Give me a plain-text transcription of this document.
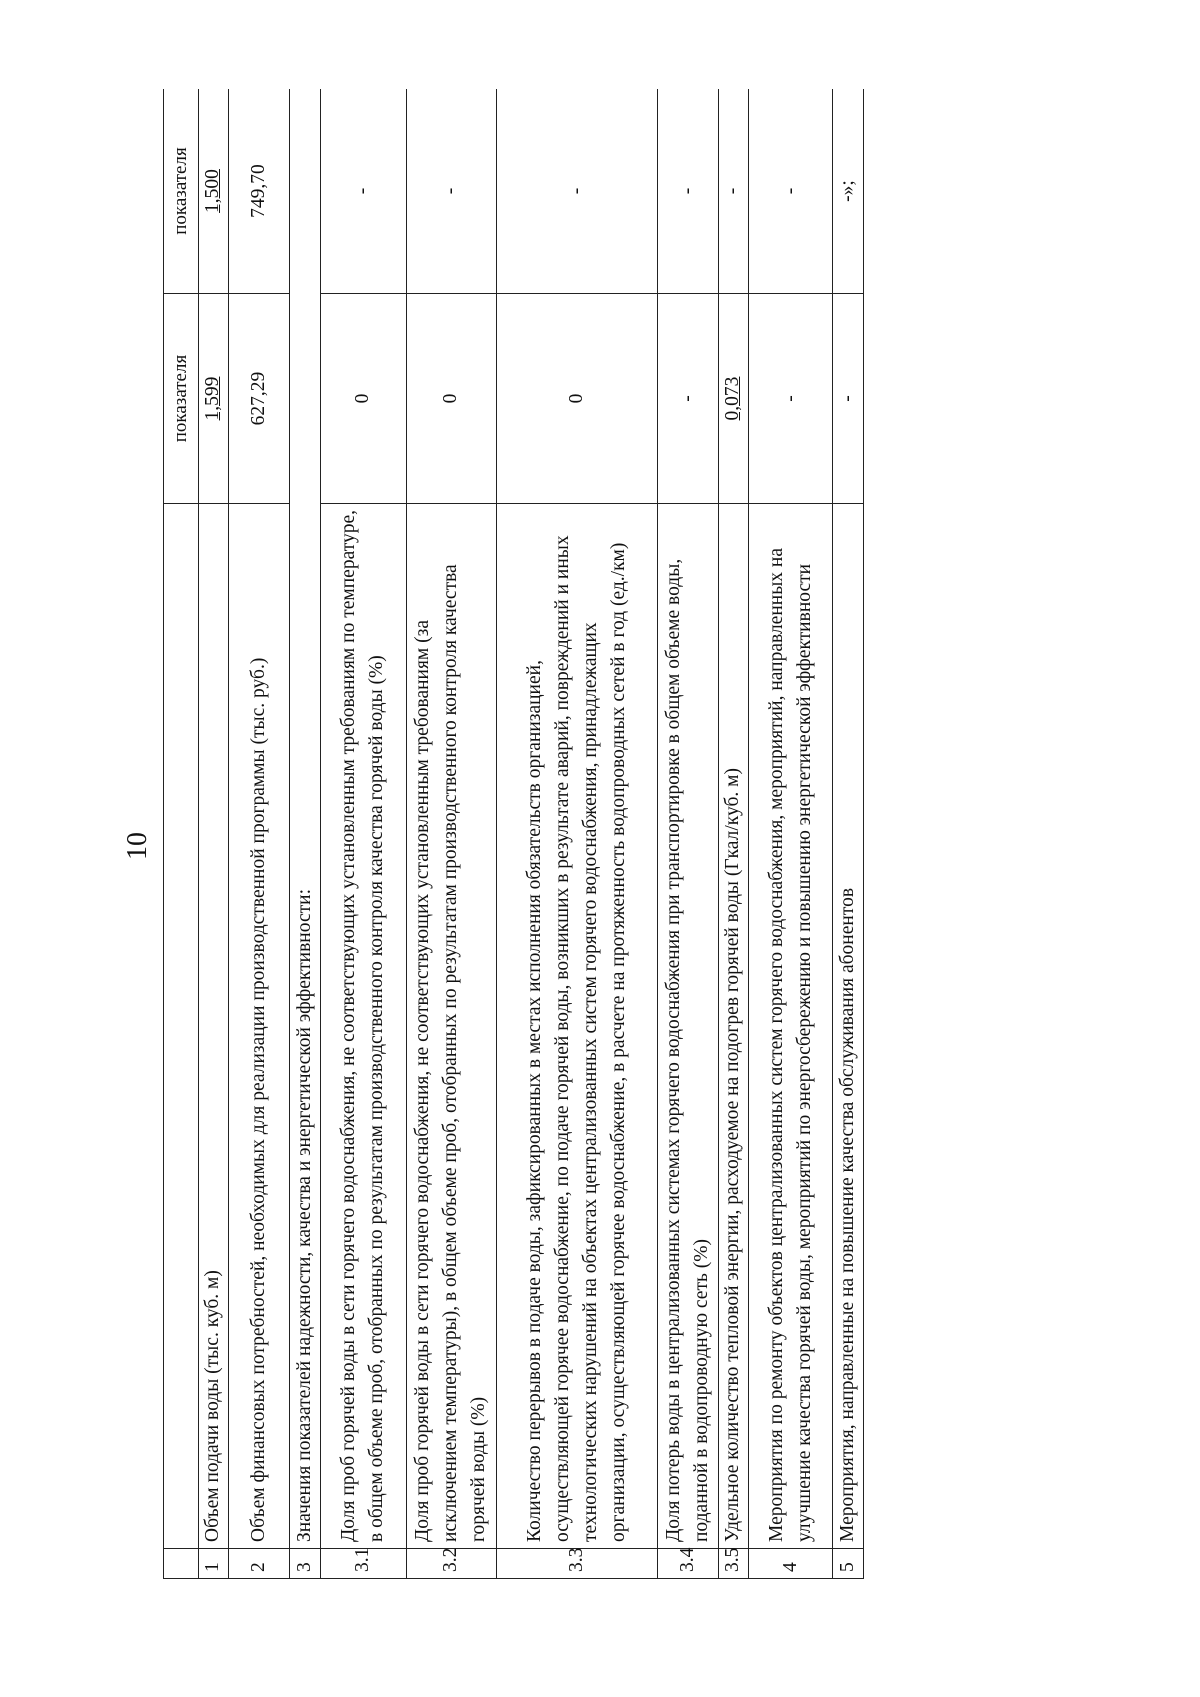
10
		показателя	показателя
1	Объем подачи воды (тыс. куб. м)	1,599	1,500
2	Объем финансовых потребностей, необходимых для реализации производственной программы (тыс. руб.)	627,29	749,70
3	Значения показателей надежности, качества и энергетической эффективности:		
3.1	Доля проб горячей воды в сети горячего водоснабжения, не соответствующих установленным требованиям по температуре, в общем объеме проб, отобранных по результатам производственного контроля качества горячей воды (%)	0	-
3.2	Доля проб горячей воды в сети горячего водоснабжения, не соответствующих установленным требованиям (за исключением температуры), в общем объеме проб, отобранных по результатам производственного контроля качества горячей воды (%)	0	-
3.3	Количество перерывов в подаче воды, зафиксированных в местах исполнения обязательств организацией, осуществляющей горячее водоснабжение, по подаче горячей воды, возникших в результате аварий, повреждений и иных технологических нарушений на объектах централизованных систем горячего водоснабжения, принадлежащих организации, осуществляющей горячее водоснабжение, в расчете на протяженность водопроводных сетей в год (ед./км)	0	-
3.4	Доля потерь воды в централизованных системах горячего водоснабжения при транспортировке в общем объеме воды, поданной в водопроводную сеть (%)	-	-
3.5	Удельное количество тепловой энергии, расходуемое на подогрев горячей воды (Гкал/куб. м)	0,073	-
4	Мероприятия по ремонту объектов централизованных систем горячего водоснабжения, мероприятий, направленных на улучшение качества горячей воды, мероприятий по энергосбережению и повышению энергетической эффективности	-	-
5	Мероприятия, направленные на повышение качества обслуживания абонентов	-	-»;
